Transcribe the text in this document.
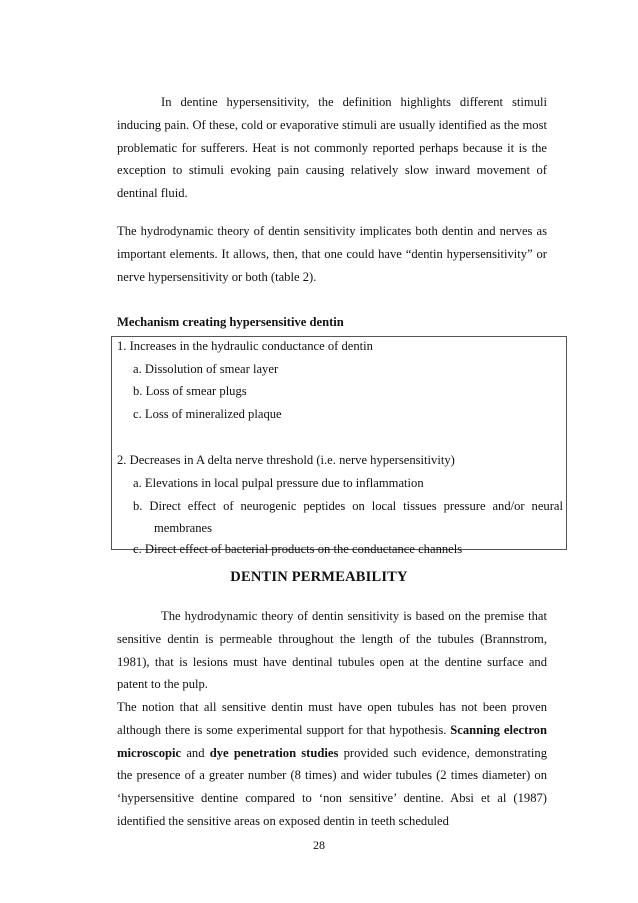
In dentine hypersensitivity, the definition highlights different stimuli inducing pain. Of these, cold or evaporative stimuli are usually identified as the most problematic for sufferers. Heat is not commonly reported perhaps because it is the exception to stimuli evoking pain causing relatively slow inward movement of dentinal fluid.

The hydrodynamic theory of dentin sensitivity implicates both dentin and nerves as important elements. It allows, then, that one could have “dentin hypersensitivity” or nerve hypersensitivity or both (table 2).

Mechanism creating hypersensitive dentin

1. Increases in the hydraulic conductance of dentin

a. Dissolution of smear layer

b. Loss of smear plugs

c. Loss of mineralized plaque

2. Decreases in A delta nerve threshold (i.e. nerve hypersensitivity)

a. Elevations in local pulpal pressure due to inflammation

b. Direct effect of neurogenic peptides on local tissues pressure and/or neural

membranes

c. Direct effect of bacterial products on the conductance channels

DENTIN PERMEABILITY

The hydrodynamic theory of dentin sensitivity is based on the premise that sensitive dentin is permeable throughout the length of the tubules (Brannstrom, 1981), that is lesions must have dentinal tubules open at the dentine surface and patent to the pulp.

The notion that all sensitive dentin must have open tubules has not been proven although there is some experimental support for that hypothesis. Scanning electron microscopic and dye penetration studies provided such evidence, demonstrating the presence of a greater number (8 times) and wider tubules (2 times diameter) on ‘hypersensitive dentine compared to ‘non sensitive’ dentine. Absi et al (1987) identified the sensitive areas on exposed dentin in teeth scheduled

28
